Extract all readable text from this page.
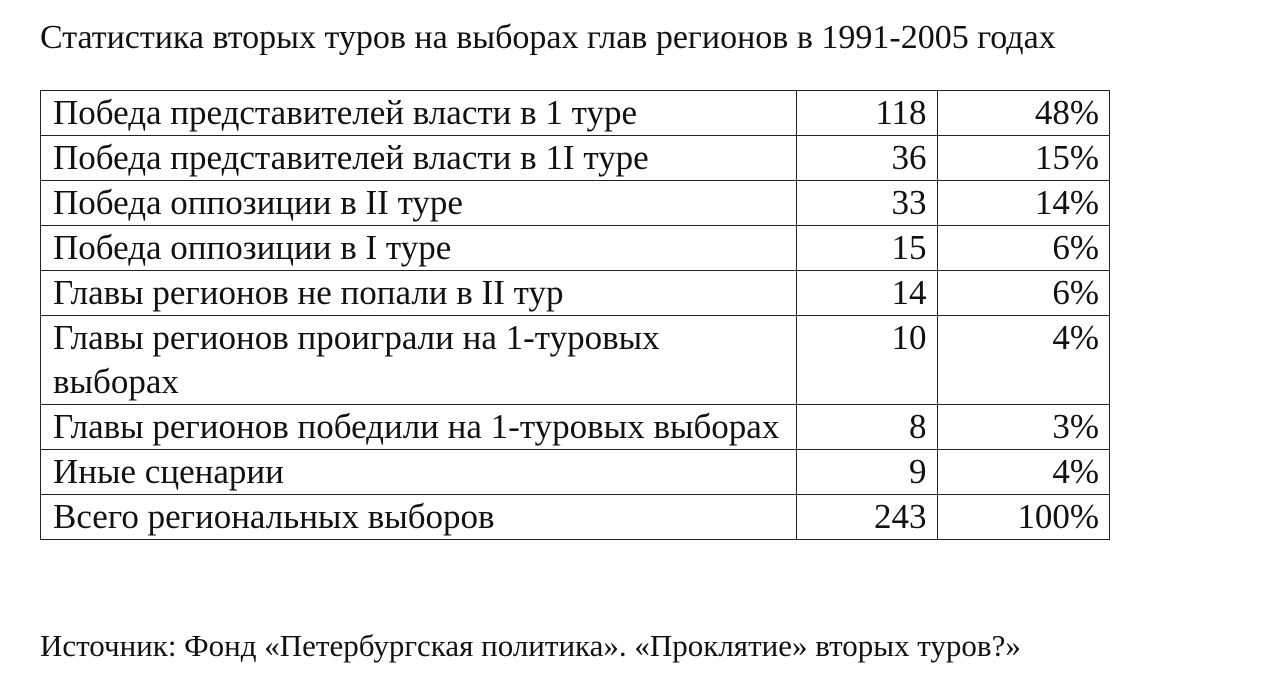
Статистика вторых туров на выборах глав регионов в 1991-2005 годах
Победа представителей власти в 1 туре	118	48%
Победа представителей власти в 1I туре	36	15%
Победа оппозиции в II туре	33	14%
Победа оппозиции в I туре	15	6%
Главы регионов не попали в II тур	14	6%
Главы регионов проиграли на 1-туровых выборах	10	4%
Главы регионов победили на 1-туровых выборах	8	3%
Иные сценарии	9	4%
Всего региональных выборов	243	100%
Источник: Фонд «Петербургская политика». «Проклятие» вторых туров?»
